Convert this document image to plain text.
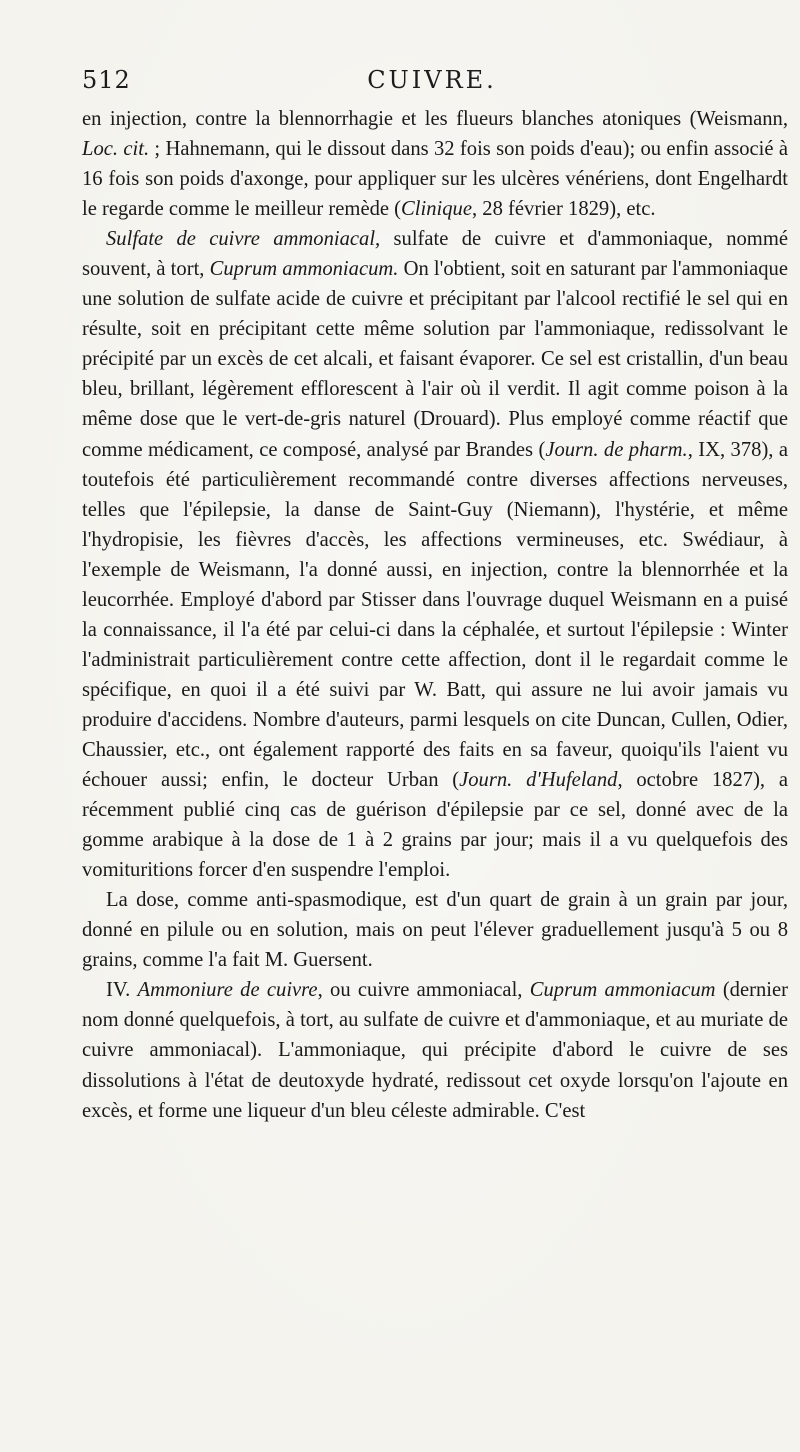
512	CUIVRE.

en injection, contre la blennorrhagie et les flueurs blanches atoniques (Weismann, Loc. cit. ; Hahnemann, qui le dissout dans 32 fois son poids d'eau); ou enfin associé à 16 fois son poids d'axonge, pour appliquer sur les ulcères vénériens, dont Engelhardt le regarde comme le meilleur remède (Clinique, 28 février 1829), etc.

Sulfate de cuivre ammoniacal, sulfate de cuivre et d'ammoniaque, nommé souvent, à tort, Cuprum ammoniacum. On l'obtient, soit en saturant par l'ammoniaque une solution de sulfate acide de cuivre et précipitant par l'alcool rectifié le sel qui en résulte, soit en précipitant cette même solution par l'ammoniaque, redissolvant le précipité par un excès de cet alcali, et faisant évaporer. Ce sel est cristallin, d'un beau bleu, brillant, légèrement efflorescent à l'air où il verdit. Il agit comme poison à la même dose que le vert-de-gris naturel (Drouard). Plus employé comme réactif que comme médicament, ce composé, analysé par Brandes (Journ. de pharm., IX, 378), a toutefois été particulièrement recommandé contre diverses affections nerveuses, telles que l'épilepsie, la danse de Saint-Guy (Niemann), l'hystérie, et même l'hydropisie, les fièvres d'accès, les affections vermineuses, etc. Swédiaur, à l'exemple de Weismann, l'a donné aussi, en injection, contre la blennorrhée et la leucorrhée. Employé d'abord par Stisser dans l'ouvrage duquel Weismann en a puisé la connaissance, il l'a été par celui-ci dans la céphalée, et surtout l'épilepsie : Winter l'administrait particulièrement contre cette affection, dont il le regardait comme le spécifique, en quoi il a été suivi par W. Batt, qui assure ne lui avoir jamais vu produire d'accidens. Nombre d'auteurs, parmi lesquels on cite Duncan, Cullen, Odier, Chaussier, etc., ont également rapporté des faits en sa faveur, quoiqu'ils l'aient vu échouer aussi; enfin, le docteur Urban (Journ. d'Hufeland, octobre 1827), a récemment publié cinq cas de guérison d'épilepsie par ce sel, donné avec de la gomme arabique à la dose de 1 à 2 grains par jour; mais il a vu quelquefois des vomituritions forcer d'en suspendre l'emploi.

La dose, comme anti-spasmodique, est d'un quart de grain à un grain par jour, donné en pilule ou en solution, mais on peut l'élever graduellement jusqu'à 5 ou 8 grains, comme l'a fait M. Guersent.

IV. Ammoniure de cuivre, ou cuivre ammoniacal, Cuprum ammoniacum (dernier nom donné quelquefois, à tort, au sulfate de cuivre et d'ammoniaque, et au muriate de cuivre ammoniacal). L'ammoniaque, qui précipite d'abord le cuivre de ses dissolutions à l'état de deutoxyde hydraté, redissout cet oxyde lorsqu'on l'ajoute en excès, et forme une liqueur d'un bleu céleste admirable. C'est
